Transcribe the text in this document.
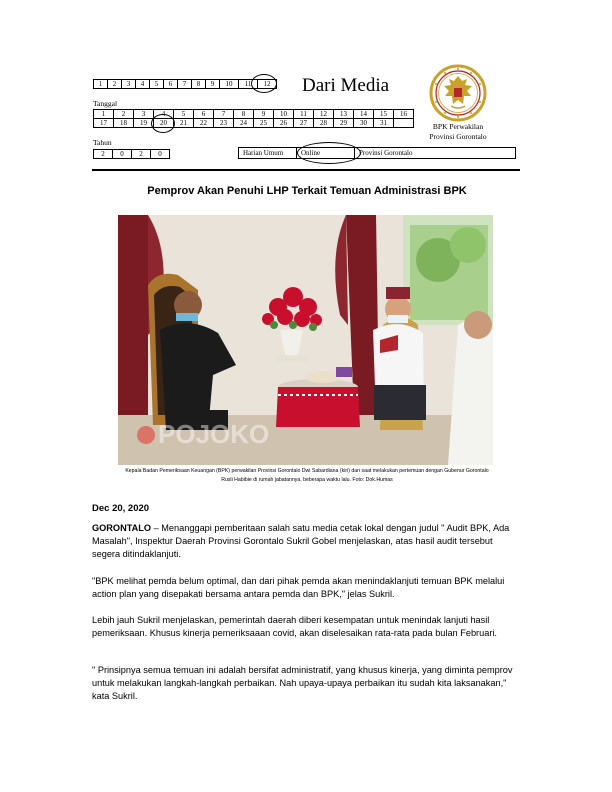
1	2	3	4	5	6	7	8	9	10	11	12 Dari Media
Tanggal
1	2	3	4	5	6	7	8	9	10	11	12	13	14	15	16
17	18	19	20	21	22	23	24	25	26	27	28	29	30	31	
Tahun
2	0	2	0	Harian Umum	Online	Provinsi Gorontalo
BPK Perwakilan
Provinsi Gorontalo
Pemprov Akan Penuhi LHP Terkait Temuan Administrasi BPK
POJOKO
Kepala Badan Pemeriksaan Keuangan (BPK) perwakilan Provinsi Gorontalo Dwi Sabardiana (kiri) dan saat melakukan pertemuan dengan Gubenur Gorontalo
Rusli Habibie di rumah jabatannya, beberapa waktu lalu. Foto: Dok.Humas
Dec 20, 2020
GORONTALO – Menanggapi pemberitaan salah satu media cetak lokal dengan judul " Audit BPK, Ada Masalah", Inspektur Daerah Provinsi Gorontalo Sukril Gobel menjelaskan, atas hasil audit tersebut segera ditindaklanjuti.
"BPK melihat pemda belum optimal, dan dari pihak pemda akan menindaklanjuti temuan BPK melalui action plan yang disepakati bersama antara pemda dan BPK," jelas Sukril.
Lebih jauh Sukril menjelaskan, pemerintah daerah diberi kesempatan untuk menindak lanjuti hasil pemeriksaan. Khusus kinerja pemeriksaaan covid, akan diselesaikan rata-rata pada bulan Februari.
" Prinsipnya semua temuan ini adalah bersifat administratif, yang khusus kinerja, yang diminta pemprov untuk melakukan langkah-langkah perbaikan. Nah upaya-upaya perbaikan itu sudah kita laksanakan," kata Sukril.
